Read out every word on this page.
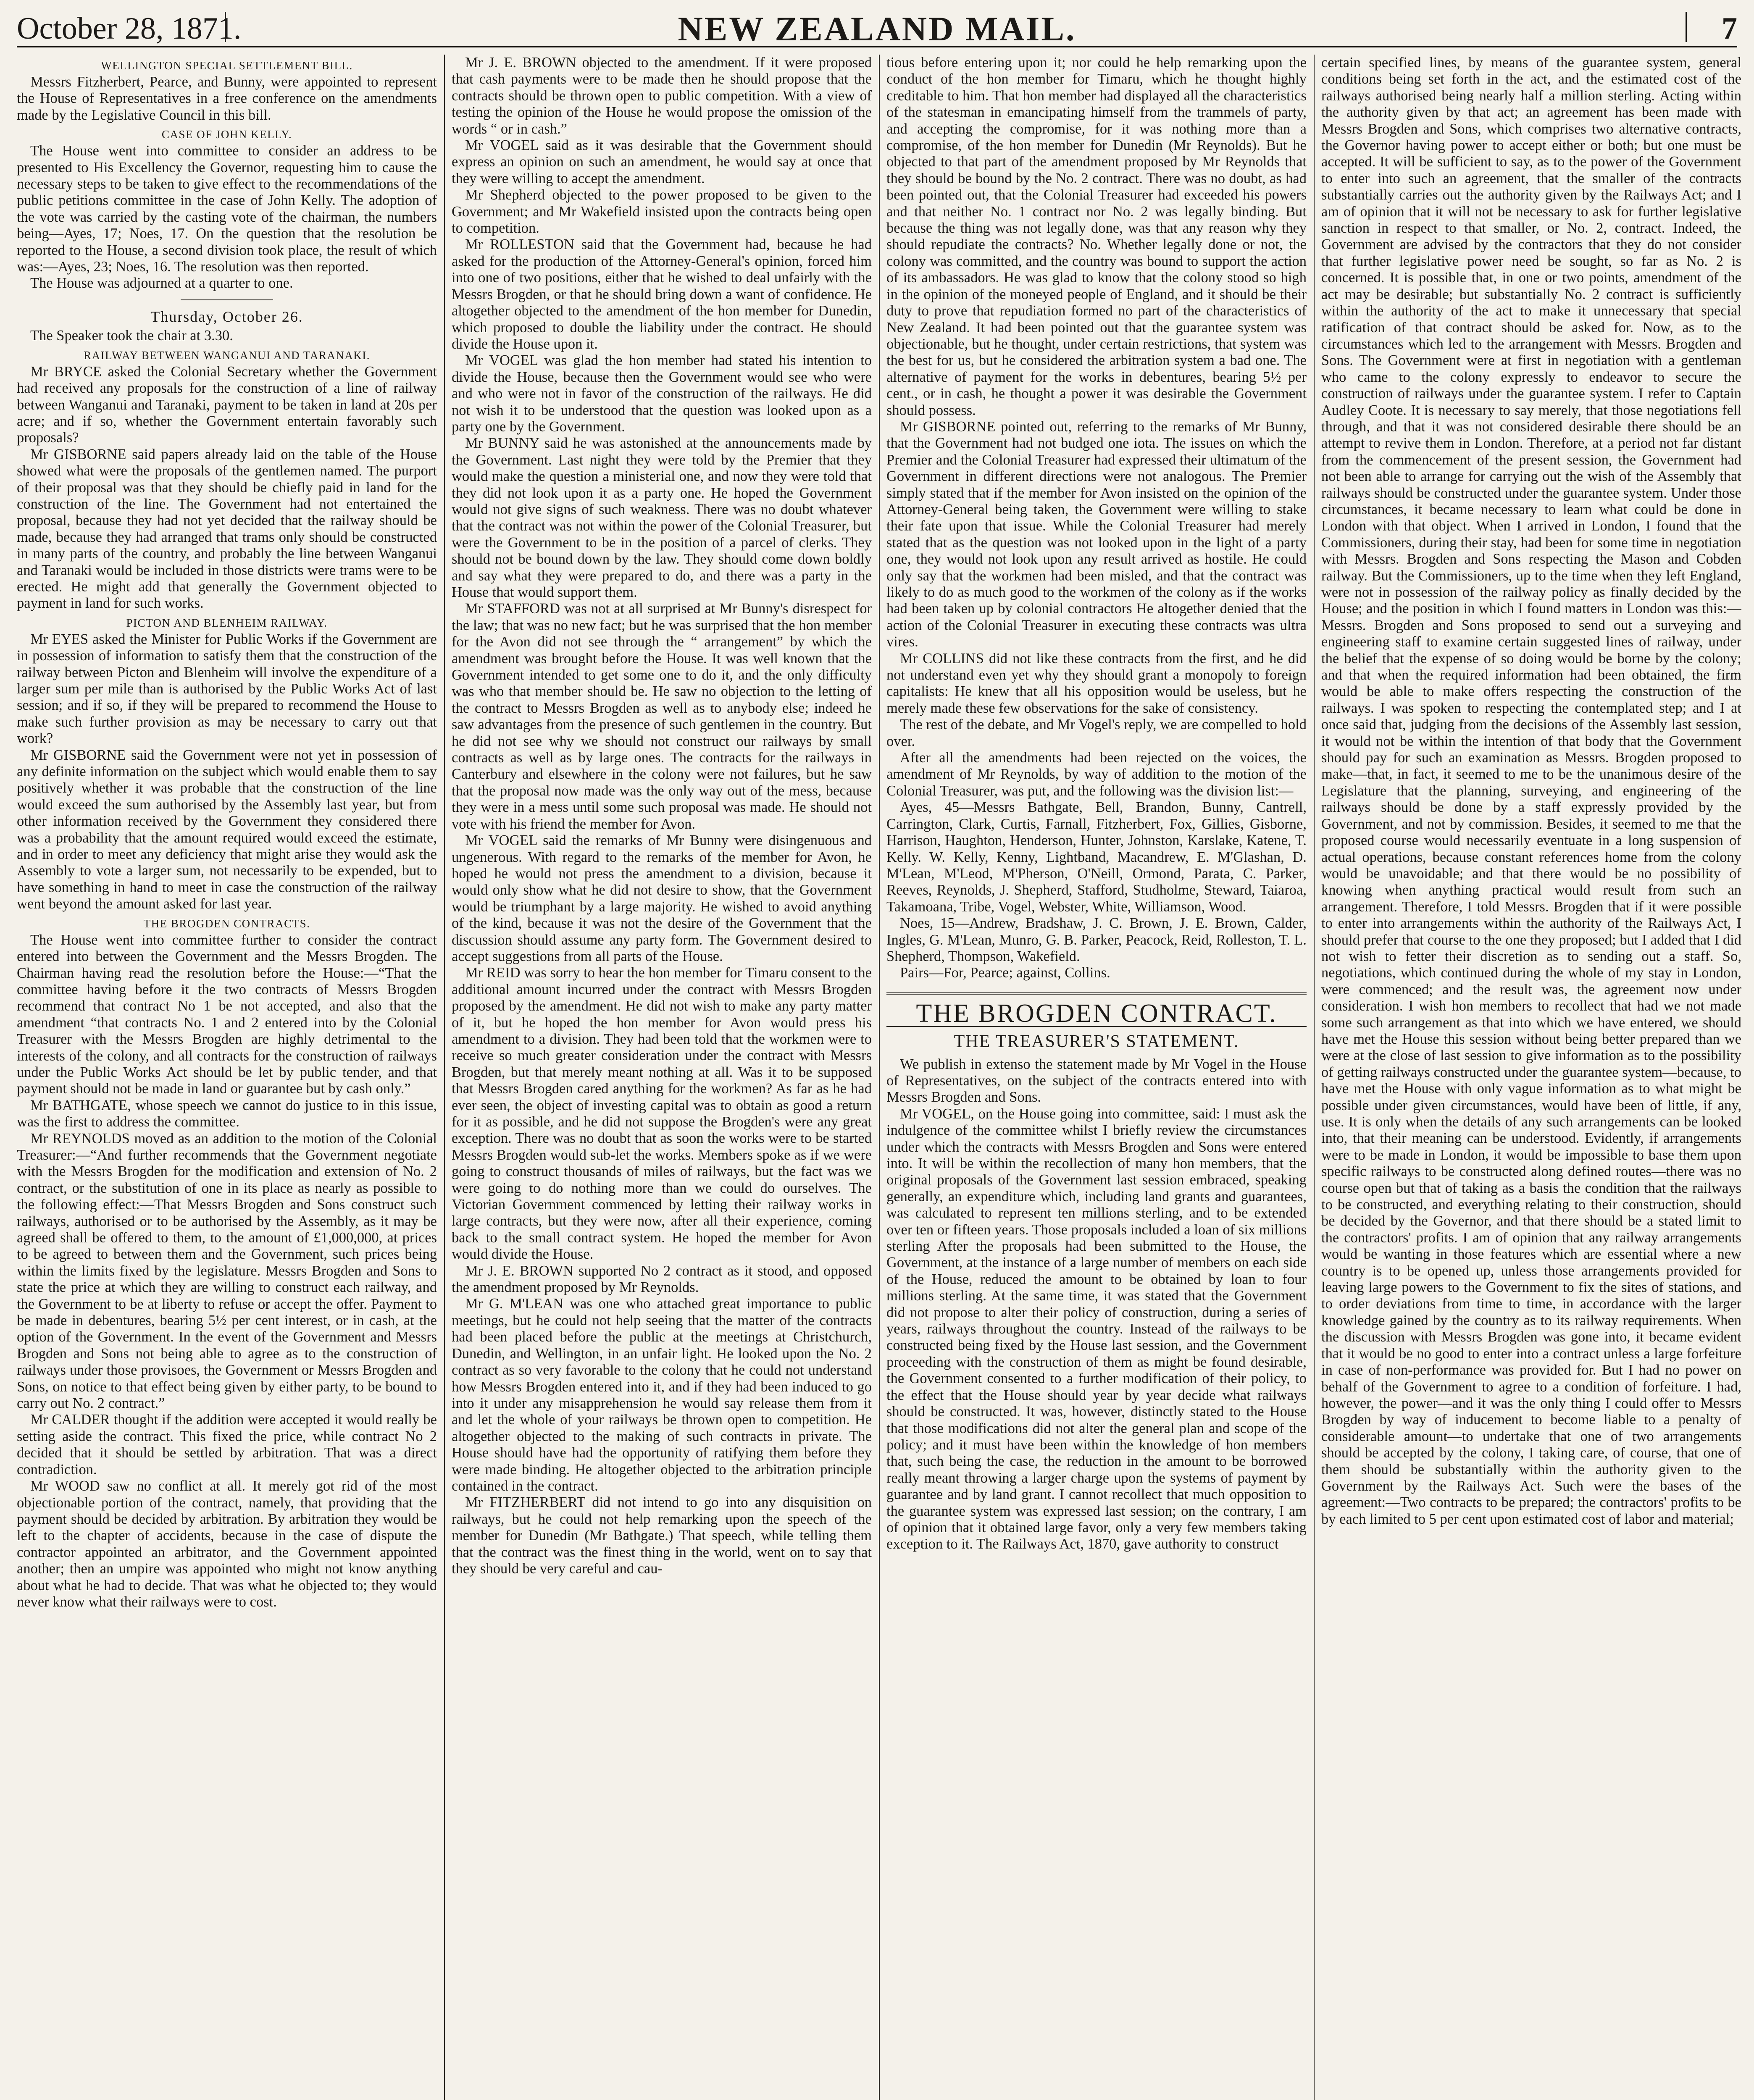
October 28, 1871.	NEW ZEALAND MAIL.	7
WELLINGTON SPECIAL SETTLEMENT BILL.

Messrs Fitzherbert, Pearce, and Bunny, were appointed to represent the House of Representatives in a free conference on the amendments made by the Legislative Council in this bill.

CASE OF JOHN KELLY.

The House went into committee to consider an address to be presented to His Excellency the Governor, requesting him to cause the necessary steps to be taken to give effect to the recommendations of the public petitions committee in the case of John Kelly. The adoption of the vote was carried by the casting vote of the chairman, the numbers being—Ayes, 17; Noes, 17. On the question that the resolution be reported to the House, a second division took place, the result of which was:—Ayes, 23; Noes, 16. The resolution was then reported.

The House was adjourned at a quarter to one.

Thursday, October 26.

The Speaker took the chair at 3.30.

RAILWAY BETWEEN WANGANUI AND TARANAKI.

Mr BRYCE asked the Colonial Secretary whether the Government had received any proposals for the construction of a line of railway between Wanganui and Taranaki, payment to be taken in land at 20s per acre; and if so, whether the Government entertain favorably such proposals?

Mr GISBORNE said papers already laid on the table of the House showed what were the proposals of the gentlemen named. The purport of their proposal was that they should be chiefly paid in land for the construction of the line. The Government had not entertained the proposal, because they had not yet decided that the railway should be made, because they had arranged that trams only should be constructed in many parts of the country, and probably the line between Wanganui and Taranaki would be included in those districts were trams were to be erected. He might add that generally the Government objected to payment in land for such works.

PICTON AND BLENHEIM RAILWAY.

Mr EYES asked the Minister for Public Works if the Government are in possession of information to satisfy them that the construction of the railway between Picton and Blenheim will involve the expenditure of a larger sum per mile than is authorised by the Public Works Act of last session; and if so, if they will be prepared to recommend the House to make such further provision as may be necessary to carry out that work?

Mr GISBORNE said the Government were not yet in possession of any definite information on the subject which would enable them to say positively whether it was probable that the construction of the line would exceed the sum authorised by the Assembly last year, but from other information received by the Government they considered there was a probability that the amount required would exceed the estimate, and in order to meet any deficiency that might arise they would ask the Assembly to vote a larger sum, not necessarily to be expended, but to have something in hand to meet in case the construction of the railway went beyond the amount asked for last year.

THE BROGDEN CONTRACTS.

The House went into committee further to consider the contract entered into between the Government and the Messrs Brogden. The Chairman having read the resolution before the House:—“That the committee having before it the two contracts of Messrs Brogden recommend that contract No 1 be not accepted, and also that the amendment “that contracts No. 1 and 2 entered into by the Colonial Treasurer with the Messrs Brogden are highly detrimental to the interests of the colony, and all contracts for the construction of railways under the Public Works Act should be let by public tender, and that payment should not be made in land or guarantee but by cash only.”

Mr BATHGATE, whose speech we cannot do justice to in this issue, was the first to address the committee.

Mr REYNOLDS moved as an addition to the motion of the Colonial Treasurer:—“And further recommends that the Government negotiate with the Messrs Brogden for the modification and extension of No. 2 contract, or the substitution of one in its place as nearly as possible to the following effect:—That Messrs Brogden and Sons construct such railways, authorised or to be authorised by the Assembly, as it may be agreed shall be offered to them, to the amount of £1,000,000, at prices to be agreed to between them and the Government, such prices being within the limits fixed by the legislature. Messrs Brogden and Sons to state the price at which they are willing to construct each railway, and the Government to be at liberty to refuse or accept the offer. Payment to be made in debentures, bearing 5½ per cent interest, or in cash, at the option of the Government. In the event of the Government and Messrs Brogden and Sons not being able to agree as to the construction of railways under those provisoes, the Government or Messrs Brogden and Sons, on notice to that effect being given by either party, to be bound to carry out No. 2 contract.”

Mr CALDER thought if the addition were accepted it would really be setting aside the contract. This fixed the price, while contract No 2 decided that it should be settled by arbitration. That was a direct contradiction.

Mr WOOD saw no conflict at all. It merely got rid of the most objectionable portion of the contract, namely, that providing that the payment should be decided by arbitration. By arbitration they would be left to the chapter of accidents, because in the case of dispute the contractor appointed an arbitrator, and the Government appointed another; then an umpire was appointed who might not know anything about what he had to decide. That was what he objected to; they would never know what their railways were to cost.

Mr J. E. BROWN objected to the amendment. If it were proposed that cash payments were to be made then he should propose that the contracts should be thrown open to public competition. With a view of testing the opinion of the House he would propose the omission of the words “ or in cash.”

Mr VOGEL said as it was desirable that the Government should express an opinion on such an amendment, he would say at once that they were willing to accept the amendment.

Mr Shepherd objected to the power proposed to be given to the Government; and Mr Wakefield insisted upon the contracts being open to competition.

Mr ROLLESTON said that the Government had, because he had asked for the production of the Attorney-General's opinion, forced him into one of two positions, either that he wished to deal unfairly with the Messrs Brogden, or that he should bring down a want of confidence. He altogether objected to the amendment of the hon member for Dunedin, which proposed to double the liability under the contract. He should divide the House upon it.

Mr VOGEL was glad the hon member had stated his intention to divide the House, because then the Government would see who were and who were not in favor of the construction of the railways. He did not wish it to be understood that the question was looked upon as a party one by the Government.

Mr BUNNY said he was astonished at the announcements made by the Government. Last night they were told by the Premier that they would make the question a ministerial one, and now they were told that they did not look upon it as a party one. He hoped the Government would not give signs of such weakness. There was no doubt whatever that the contract was not within the power of the Colonial Treasurer, but were the Government to be in the position of a parcel of clerks. They should not be bound down by the law. They should come down boldly and say what they were prepared to do, and there was a party in the House that would support them.

Mr STAFFORD was not at all surprised at Mr Bunny's disrespect for the law; that was no new fact; but he was surprised that the hon member for the Avon did not see through the “ arrangement” by which the amendment was brought before the House. It was well known that the Government intended to get some one to do it, and the only difficulty was who that member should be. He saw no objection to the letting of the contract to Messrs Brogden as well as to anybody else; indeed he saw advantages from the presence of such gentlemen in the country. But he did not see why we should not construct our railways by small contracts as well as by large ones. The contracts for the railways in Canterbury and elsewhere in the colony were not failures, but he saw that the proposal now made was the only way out of the mess, because they were in a mess until some such proposal was made. He should not vote with his friend the member for Avon.

Mr VOGEL said the remarks of Mr Bunny were disingenuous and ungenerous. With regard to the remarks of the member for Avon, he hoped he would not press the amendment to a division, because it would only show what he did not desire to show, that the Government would be triumphant by a large majority. He wished to avoid anything of the kind, because it was not the desire of the Government that the discussion should assume any party form. The Government desired to accept suggestions from all parts of the House.

Mr REID was sorry to hear the hon member for Timaru consent to the additional amount incurred under the contract with Messrs Brogden proposed by the amendment. He did not wish to make any party matter of it, but he hoped the hon member for Avon would press his amendment to a division. They had been told that the workmen were to receive so much greater consideration under the contract with Messrs Brogden, but that merely meant nothing at all. Was it to be supposed that Messrs Brogden cared anything for the workmen? As far as he had ever seen, the object of investing capital was to obtain as good a return for it as possible, and he did not suppose the Brogden's were any great exception. There was no doubt that as soon the works were to be started Messrs Brogden would sub-let the works. Members spoke as if we were going to construct thousands of miles of railways, but the fact was we were going to do nothing more than we could do ourselves. The Victorian Government commenced by letting their railway works in large contracts, but they were now, after all their experience, coming back to the small contract system. He hoped the member for Avon would divide the House.

Mr J. E. BROWN supported No 2 contract as it stood, and opposed the amendment proposed by Mr Reynolds.

Mr G. M'LEAN was one who attached great importance to public meetings, but he could not help seeing that the matter of the contracts had been placed before the public at the meetings at Christchurch, Dunedin, and Wellington, in an unfair light. He looked upon the No. 2 contract as so very favorable to the colony that he could not understand how Messrs Brogden entered into it, and if they had been induced to go into it under any misapprehension he would say release them from it and let the whole of your railways be thrown open to competition. He altogether objected to the making of such contracts in private. The House should have had the opportunity of ratifying them before they were made binding. He altogether objected to the arbitration principle contained in the contract.

Mr FITZHERBERT did not intend to go into any disquisition on railways, but he could not help remarking upon the speech of the member for Dunedin (Mr Bathgate.) That speech, while telling them that the contract was the finest thing in the world, went on to say that they should be very careful and cau-

tious before entering upon it; nor could he help remarking upon the conduct of the hon member for Timaru, which he thought highly creditable to him. That hon member had displayed all the characteristics of the statesman in emancipating himself from the trammels of party, and accepting the compromise, for it was nothing more than a compromise, of the hon member for Dunedin (Mr Reynolds). But he objected to that part of the amendment proposed by Mr Reynolds that they should be bound by the No. 2 contract. There was no doubt, as had been pointed out, that the Colonial Treasurer had exceeded his powers and that neither No. 1 contract nor No. 2 was legally binding. But because the thing was not legally done, was that any reason why they should repudiate the contracts? No. Whether legally done or not, the colony was committed, and the country was bound to support the action of its ambassadors. He was glad to know that the colony stood so high in the opinion of the moneyed people of England, and it should be their duty to prove that repudiation formed no part of the characteristics of New Zealand. It had been pointed out that the guarantee system was objectionable, but he thought, under certain restrictions, that system was the best for us, but he considered the arbitration system a bad one. The alternative of payment for the works in debentures, bearing 5½ per cent., or in cash, he thought a power it was desirable the Government should possess.

Mr GISBORNE pointed out, referring to the remarks of Mr Bunny, that the Government had not budged one iota. The issues on which the Premier and the Colonial Treasurer had expressed their ultimatum of the Government in different directions were not analogous. The Premier simply stated that if the member for Avon insisted on the opinion of the Attorney-General being taken, the Government were willing to stake their fate upon that issue. While the Colonial Treasurer had merely stated that as the question was not looked upon in the light of a party one, they would not look upon any result arrived as hostile. He could only say that the workmen had been misled, and that the contract was likely to do as much good to the workmen of the colony as if the works had been taken up by colonial contractors He altogether denied that the action of the Colonial Treasurer in executing these contracts was ultra vires.

Mr COLLINS did not like these contracts from the first, and he did not understand even yet why they should grant a monopoly to foreign capitalists: He knew that all his opposition would be useless, but he merely made these few observations for the sake of consistency.

The rest of the debate, and Mr Vogel's reply, we are compelled to hold over.

After all the amendments had been rejected on the voices, the amendment of Mr Reynolds, by way of addition to the motion of the Colonial Treasurer, was put, and the following was the division list:—

Ayes, 45—Messrs Bathgate, Bell, Brandon, Bunny, Cantrell, Carrington, Clark, Curtis, Farnall, Fitzherbert, Fox, Gillies, Gisborne, Harrison, Haughton, Henderson, Hunter, Johnston, Karslake, Katene, T. Kelly. W. Kelly, Kenny, Lightband, Macandrew, E. M'Glashan, D. M'Lean, M'Leod, M'Pherson, O'Neill, Ormond, Parata, C. Parker, Reeves, Reynolds, J. Shepherd, Stafford, Studholme, Steward, Taiaroa, Takamoana, Tribe, Vogel, Webster, White, Williamson, Wood.

Noes, 15—Andrew, Bradshaw, J. C. Brown, J. E. Brown, Calder, Ingles, G. M'Lean, Munro, G. B. Parker, Peacock, Reid, Rolleston, T. L. Shepherd, Thompson, Wakefield.

Pairs—For, Pearce; against, Collins.

THE BROGDEN CONTRACT.
THE TREASURER'S STATEMENT.

We publish in extenso the statement made by Mr Vogel in the House of Representatives, on the subject of the contracts entered into with Messrs Brogden and Sons.

Mr VOGEL, on the House going into committee, said: I must ask the indulgence of the committee whilst I briefly review the circumstances under which the contracts with Messrs Brogden and Sons were entered into. It will be within the recollection of many hon members, that the original proposals of the Government last session embraced, speaking generally, an expenditure which, including land grants and guarantees, was calculated to represent ten millions sterling, and to be extended over ten or fifteen years. Those proposals included a loan of six millions sterling After the proposals had been submitted to the House, the Government, at the instance of a large number of members on each side of the House, reduced the amount to be obtained by loan to four millions sterling. At the same time, it was stated that the Government did not propose to alter their policy of construction, during a series of years, railways throughout the country. Instead of the railways to be constructed being fixed by the House last session, and the Government proceeding with the construction of them as might be found desirable, the Government consented to a further modification of their policy, to the effect that the House should year by year decide what railways should be constructed. It was, however, distinctly stated to the House that those modifications did not alter the general plan and scope of the policy; and it must have been within the knowledge of hon members that, such being the case, the reduction in the amount to be borrowed really meant throwing a larger charge upon the systems of payment by guarantee and by land grant. I cannot recollect that much opposition to the guarantee system was expressed last session; on the contrary, I am of opinion that it obtained large favor, only a very few members taking exception to it. The Railways Act, 1870, gave authority to construct

certain specified lines, by means of the guarantee system, general conditions being set forth in the act, and the estimated cost of the railways authorised being nearly half a million sterling. Acting within the authority given by that act; an agreement has been made with Messrs Brogden and Sons, which comprises two alternative contracts, the Governor having power to accept either or both; but one must be accepted. It will be sufficient to say, as to the power of the Government to enter into such an agreement, that the smaller of the contracts substantially carries out the authority given by the Railways Act; and I am of opinion that it will not be necessary to ask for further legislative sanction in respect to that smaller, or No. 2, contract. Indeed, the Government are advised by the contractors that they do not consider that further legislative power need be sought, so far as No. 2 is concerned. It is possible that, in one or two points, amendment of the act may be desirable; but substantially No. 2 contract is sufficiently within the authority of the act to make it unnecessary that special ratification of that contract should be asked for. Now, as to the circumstances which led to the arrangement with Messrs. Brogden and Sons. The Government were at first in negotiation with a gentleman who came to the colony expressly to endeavor to secure the construction of railways under the guarantee system. I refer to Captain Audley Coote. It is necessary to say merely, that those negotiations fell through, and that it was not considered desirable there should be an attempt to revive them in London. Therefore, at a period not far distant from the commencement of the present session, the Government had not been able to arrange for carrying out the wish of the Assembly that railways should be constructed under the guarantee system. Under those circumstances, it became necessary to learn what could be done in London with that object. When I arrived in London, I found that the Commissioners, during their stay, had been for some time in negotiation with Messrs. Brogden and Sons respecting the Mason and Cobden railway. But the Commissioners, up to the time when they left England, were not in possession of the railway policy as finally decided by the House; and the position in which I found matters in London was this:—Messrs. Brogden and Sons proposed to send out a surveying and engineering staff to examine certain suggested lines of railway, under the belief that the expense of so doing would be borne by the colony; and that when the required information had been obtained, the firm would be able to make offers respecting the construction of the railways. I was spoken to respecting the contemplated step; and I at once said that, judging from the decisions of the Assembly last session, it would not be within the intention of that body that the Government should pay for such an examination as Messrs. Brogden proposed to make—that, in fact, it seemed to me to be the unanimous desire of the Legislature that the planning, surveying, and engineering of the railways should be done by a staff expressly provided by the Government, and not by commission. Besides, it seemed to me that the proposed course would necessarily eventuate in a long suspension of actual operations, because constant references home from the colony would be unavoidable; and that there would be no possibility of knowing when anything practical would result from such an arrangement. Therefore, I told Messrs. Brogden that if it were possible to enter into arrangements within the authority of the Railways Act, I should prefer that course to the one they proposed; but I added that I did not wish to fetter their discretion as to sending out a staff. So, negotiations, which continued during the whole of my stay in London, were commenced; and the result was, the agreement now under consideration. I wish hon members to recollect that had we not made some such arrangement as that into which we have entered, we should have met the House this session without being better prepared than we were at the close of last session to give information as to the possibility of getting railways constructed under the guarantee system—because, to have met the House with only vague information as to what might be possible under given circumstances, would have been of little, if any, use. It is only when the details of any such arrangements can be looked into, that their meaning can be understood. Evidently, if arrangements were to be made in London, it would be impossible to base them upon specific railways to be constructed along defined routes—there was no course open but that of taking as a basis the condition that the railways to be constructed, and everything relating to their construction, should be decided by the Governor, and that there should be a stated limit to the contractors' profits. I am of opinion that any railway arrangements would be wanting in those features which are essential where a new country is to be opened up, unless those arrangements provided for leaving large powers to the Government to fix the sites of stations, and to order deviations from time to time, in accordance with the larger knowledge gained by the country as to its railway requirements. When the discussion with Messrs Brogden was gone into, it became evident that it would be no good to enter into a contract unless a large forfeiture in case of non-performance was provided for. But I had no power on behalf of the Government to agree to a condition of forfeiture. I had, however, the power—and it was the only thing I could offer to Messrs Brogden by way of inducement to become liable to a penalty of considerable amount—to undertake that one of two arrangements should be accepted by the colony, I taking care, of course, that one of them should be substantially within the authority given to the Government by the Railways Act. Such were the bases of the agreement:—Two contracts to be prepared; the contractors' profits to be by each limited to 5 per cent upon estimated cost of labor and material;
